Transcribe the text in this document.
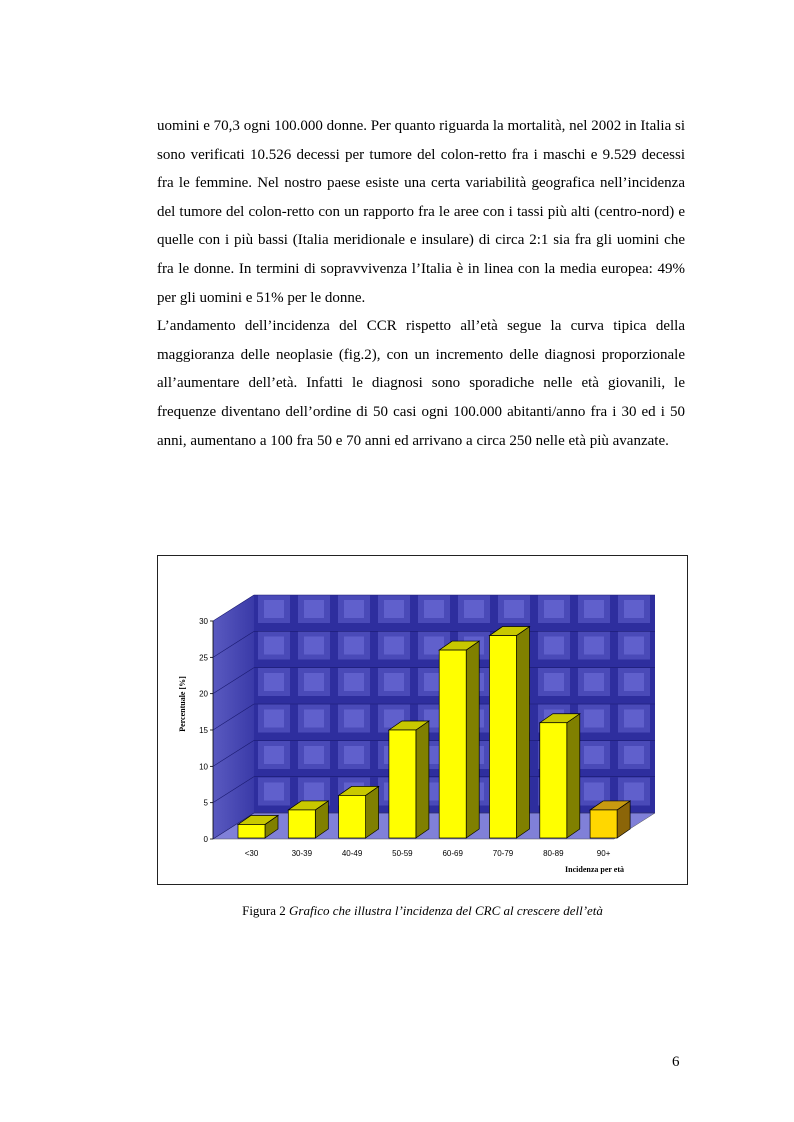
uomini e 70,3 ogni 100.000 donne. Per quanto riguarda la mortalità, nel 2002 in Italia si sono verificati 10.526 decessi per tumore del colon-retto fra i maschi e 9.529 decessi fra le femmine. Nel nostro paese esiste una certa variabilità geografica nell’incidenza del tumore del colon-retto con un rapporto fra le aree con i tassi più alti (centro-nord) e quelle con i più bassi (Italia meridionale e insulare) di circa 2:1 sia fra gli uomini che fra le donne. In termini di sopravvivenza l’Italia è in linea con la media europea: 49% per gli uomini e 51% per le donne.

L’andamento dell’incidenza del CCR rispetto all’età segue la curva tipica della maggioranza delle neoplasie (fig.2), con un incremento delle diagnosi proporzionale all’aumentare dell’età. Infatti le diagnosi sono sporadiche nelle età giovanili, le frequenze diventano dell’ordine di 50 casi ogni 100.000 abitanti/anno fra i 30 ed i 50 anni, aumentano a 100 fra 50 e 70 anni ed arrivano a circa 250 nelle età più avanzate.

0
5
10
15
20
25
30
<30	30-39	40-49	50-59	60-69	70-79	80-89	90+
Percentuale [%]
Incidenza per età
Figura 2 Grafico che illustra l’incidenza del CRC al crescere dell’età
6
